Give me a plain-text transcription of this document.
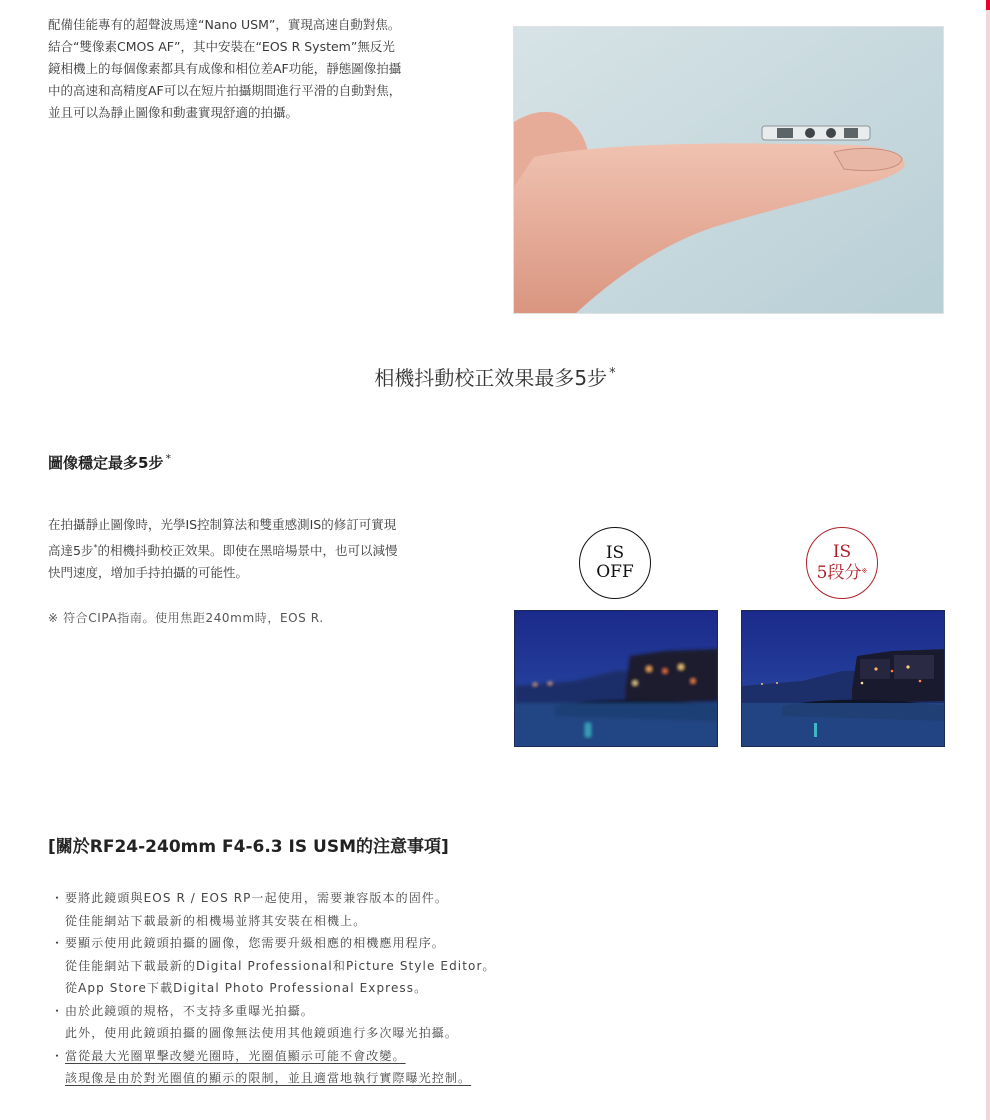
配備佳能專有的超聲波馬達“Nano USM”，實現高速自動對焦。
結合“雙像素CMOS AF”，其中安裝在“EOS R System”無反光
鏡相機上的每個像素都具有成像和相位差AF功能，靜態圖像拍攝
中的高速和高精度AF可以在短片拍攝期間進行平滑的自動對焦，
並且可以為靜止圖像和動畫實現舒適的拍攝。
相機抖動校正效果最多5步 *
圖像穩定最多5步 *
在拍攝靜止圖像時，光學IS控制算法和雙重感測IS的修訂可實現
高達5步*的相機抖動校正效果。即使在黑暗場景中，也可以減慢
快門速度，增加手持拍攝的可能性。

※ 符合CIPA指南。使用焦距240mm時，EOS R.

IS
OFF
IS
5段分※
[關於RF24-240mm F4-6.3 IS USM的注意事項]
・ 要將此鏡頭與EOS R / EOS RP一起使用，需要兼容版本的固件。
從佳能網站下載最新的相機場並將其安裝在相機上。
・ 要顯示使用此鏡頭拍攝的圖像，您需要升級相應的相機應用程序。
從佳能網站下載最新的Digital Professional和Picture Style Editor。
從App Store下載Digital Photo Professional Express。
・ 由於此鏡頭的規格，不支持多重曝光拍攝。
此外，使用此鏡頭拍攝的圖像無法使用其他鏡頭進行多次曝光拍攝。
・ 當從最大光圈單擊改變光圈時，光圈值顯示可能不會改變。
該現像是由於對光圈值的顯示的限制，並且適當地執行實際曝光控制。
